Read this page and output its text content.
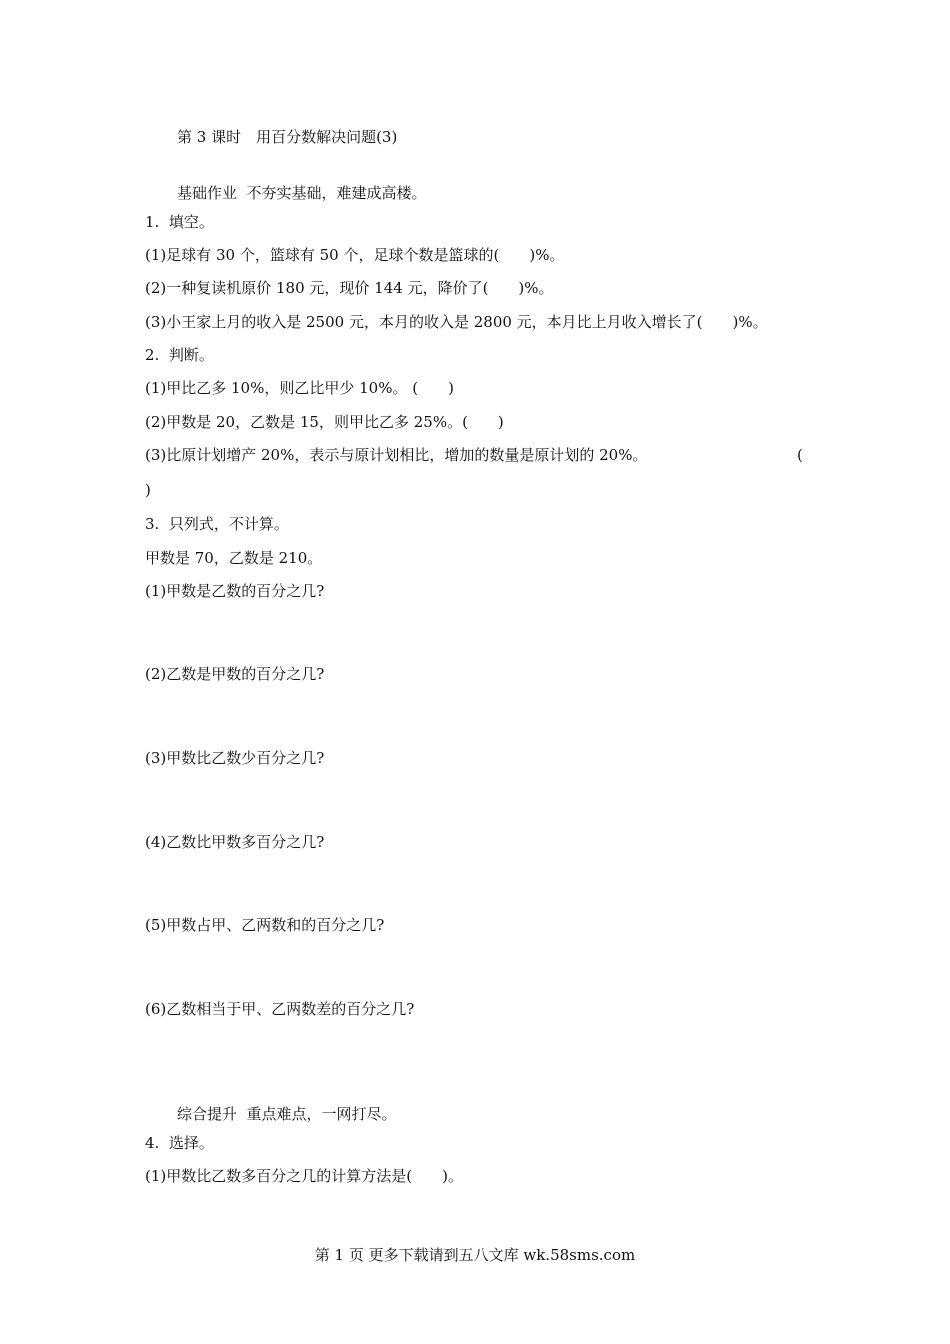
第 3 课时　用百分数解决问题(3)
基础作业  不夯实基础，难建成高楼。
1.  填空。
(1)足球有 30 个，篮球有 50 个，足球个数是篮球的(　　)%。
(2)一种复读机原价 180 元，现价 144 元，降价了(　　)%。
(3)小王家上月的收入是 2500 元，本月的收入是 2800 元，本月比上月收入增长了(　　)%。
2.  判断。
(1)甲比乙多 10%，则乙比甲少 10%。 (　　)
(2)甲数是 20，乙数是 15，则甲比乙多 25%。(　　)
(3)比原计划增产 20%，表示与原计划相比，增加的数量是原计划的 20%。	(
)
3.  只列式，不计算。
甲数是 70，乙数是 210。
(1)甲数是乙数的百分之几?
(2)乙数是甲数的百分之几?
(3)甲数比乙数少百分之几?
(4)乙数比甲数多百分之几?
(5)甲数占甲、乙两数和的百分之几?
(6)乙数相当于甲、乙两数差的百分之几?
综合提升  重点难点，一网打尽。
4.  选择。
(1)甲数比乙数多百分之几的计算方法是(　　)。
第 1 页 更多下载请到五八文库 wk.58sms.com
